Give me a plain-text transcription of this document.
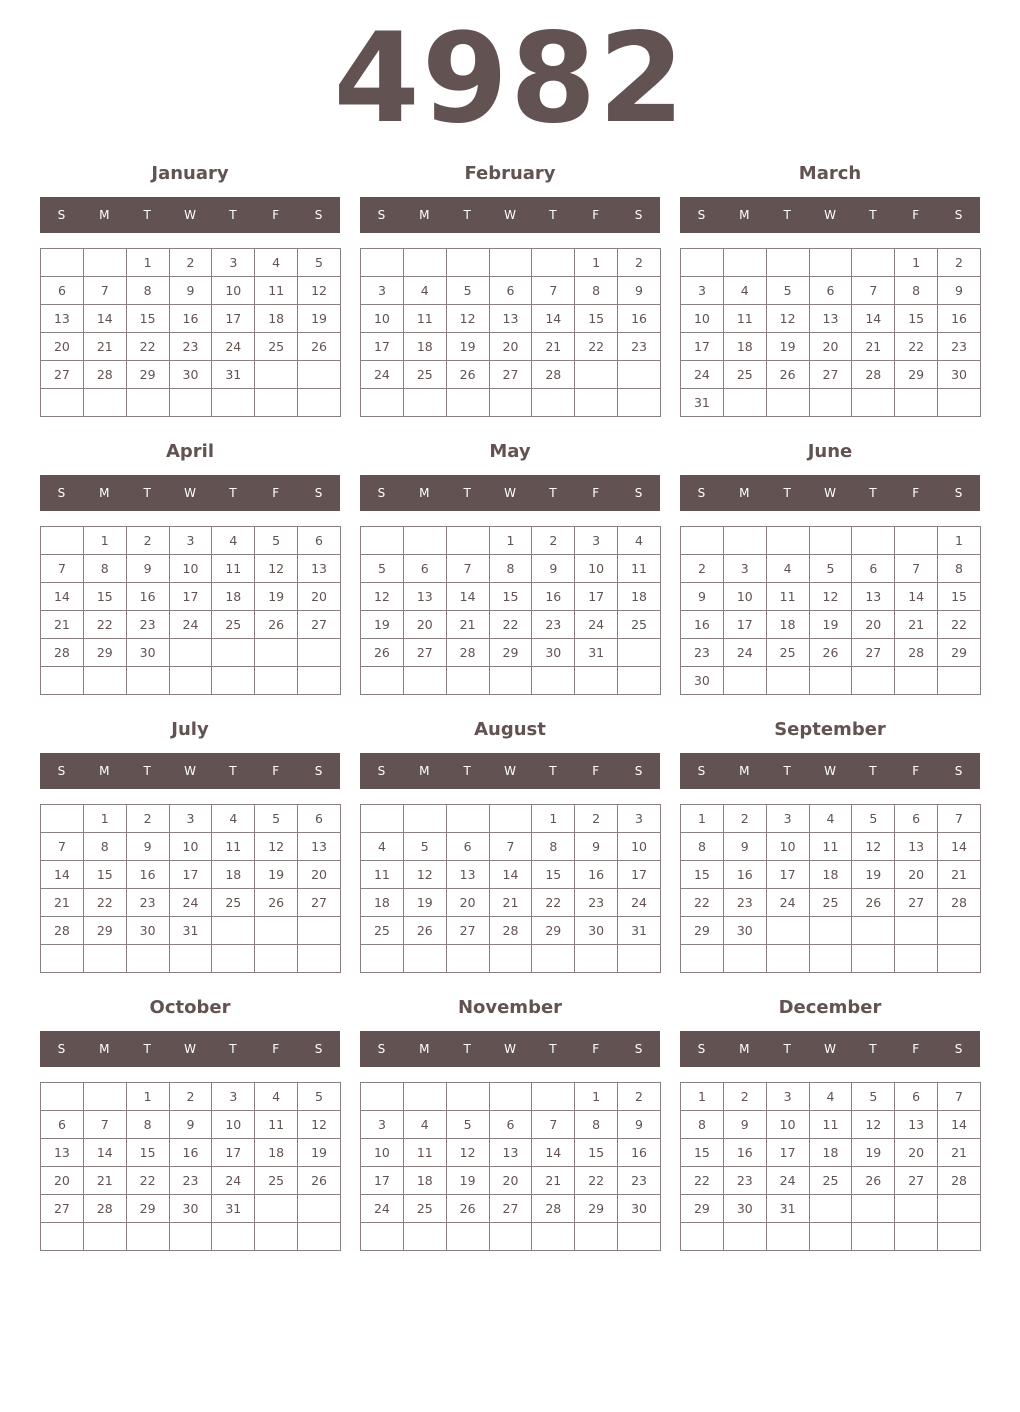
4982
January
S	M	T	W	T	F	S
		1	2	3	4	5
6	7	8	9	10	11	12
13	14	15	16	17	18	19
20	21	22	23	24	25	26
27	28	29	30	31		

February
S	M	T	W	T	F	S
					1	2
3	4	5	6	7	8	9
10	11	12	13	14	15	16
17	18	19	20	21	22	23
24	25	26	27	28		

March
S	M	T	W	T	F	S
					1	2
3	4	5	6	7	8	9
10	11	12	13	14	15	16
17	18	19	20	21	22	23
24	25	26	27	28	29	30
31						
April
S	M	T	W	T	F	S
	1	2	3	4	5	6
7	8	9	10	11	12	13
14	15	16	17	18	19	20
21	22	23	24	25	26	27
28	29	30				

May
S	M	T	W	T	F	S
			1	2	3	4
5	6	7	8	9	10	11
12	13	14	15	16	17	18
19	20	21	22	23	24	25
26	27	28	29	30	31	

June
S	M	T	W	T	F	S
						1
2	3	4	5	6	7	8
9	10	11	12	13	14	15
16	17	18	19	20	21	22
23	24	25	26	27	28	29
30						
July
S	M	T	W	T	F	S
	1	2	3	4	5	6
7	8	9	10	11	12	13
14	15	16	17	18	19	20
21	22	23	24	25	26	27
28	29	30	31			

August
S	M	T	W	T	F	S
				1	2	3
4	5	6	7	8	9	10
11	12	13	14	15	16	17
18	19	20	21	22	23	24
25	26	27	28	29	30	31

September
S	M	T	W	T	F	S
1	2	3	4	5	6	7
8	9	10	11	12	13	14
15	16	17	18	19	20	21
22	23	24	25	26	27	28
29	30					

October
S	M	T	W	T	F	S
		1	2	3	4	5
6	7	8	9	10	11	12
13	14	15	16	17	18	19
20	21	22	23	24	25	26
27	28	29	30	31		

November
S	M	T	W	T	F	S
					1	2
3	4	5	6	7	8	9
10	11	12	13	14	15	16
17	18	19	20	21	22	23
24	25	26	27	28	29	30

December
S	M	T	W	T	F	S
1	2	3	4	5	6	7
8	9	10	11	12	13	14
15	16	17	18	19	20	21
22	23	24	25	26	27	28
29	30	31				
